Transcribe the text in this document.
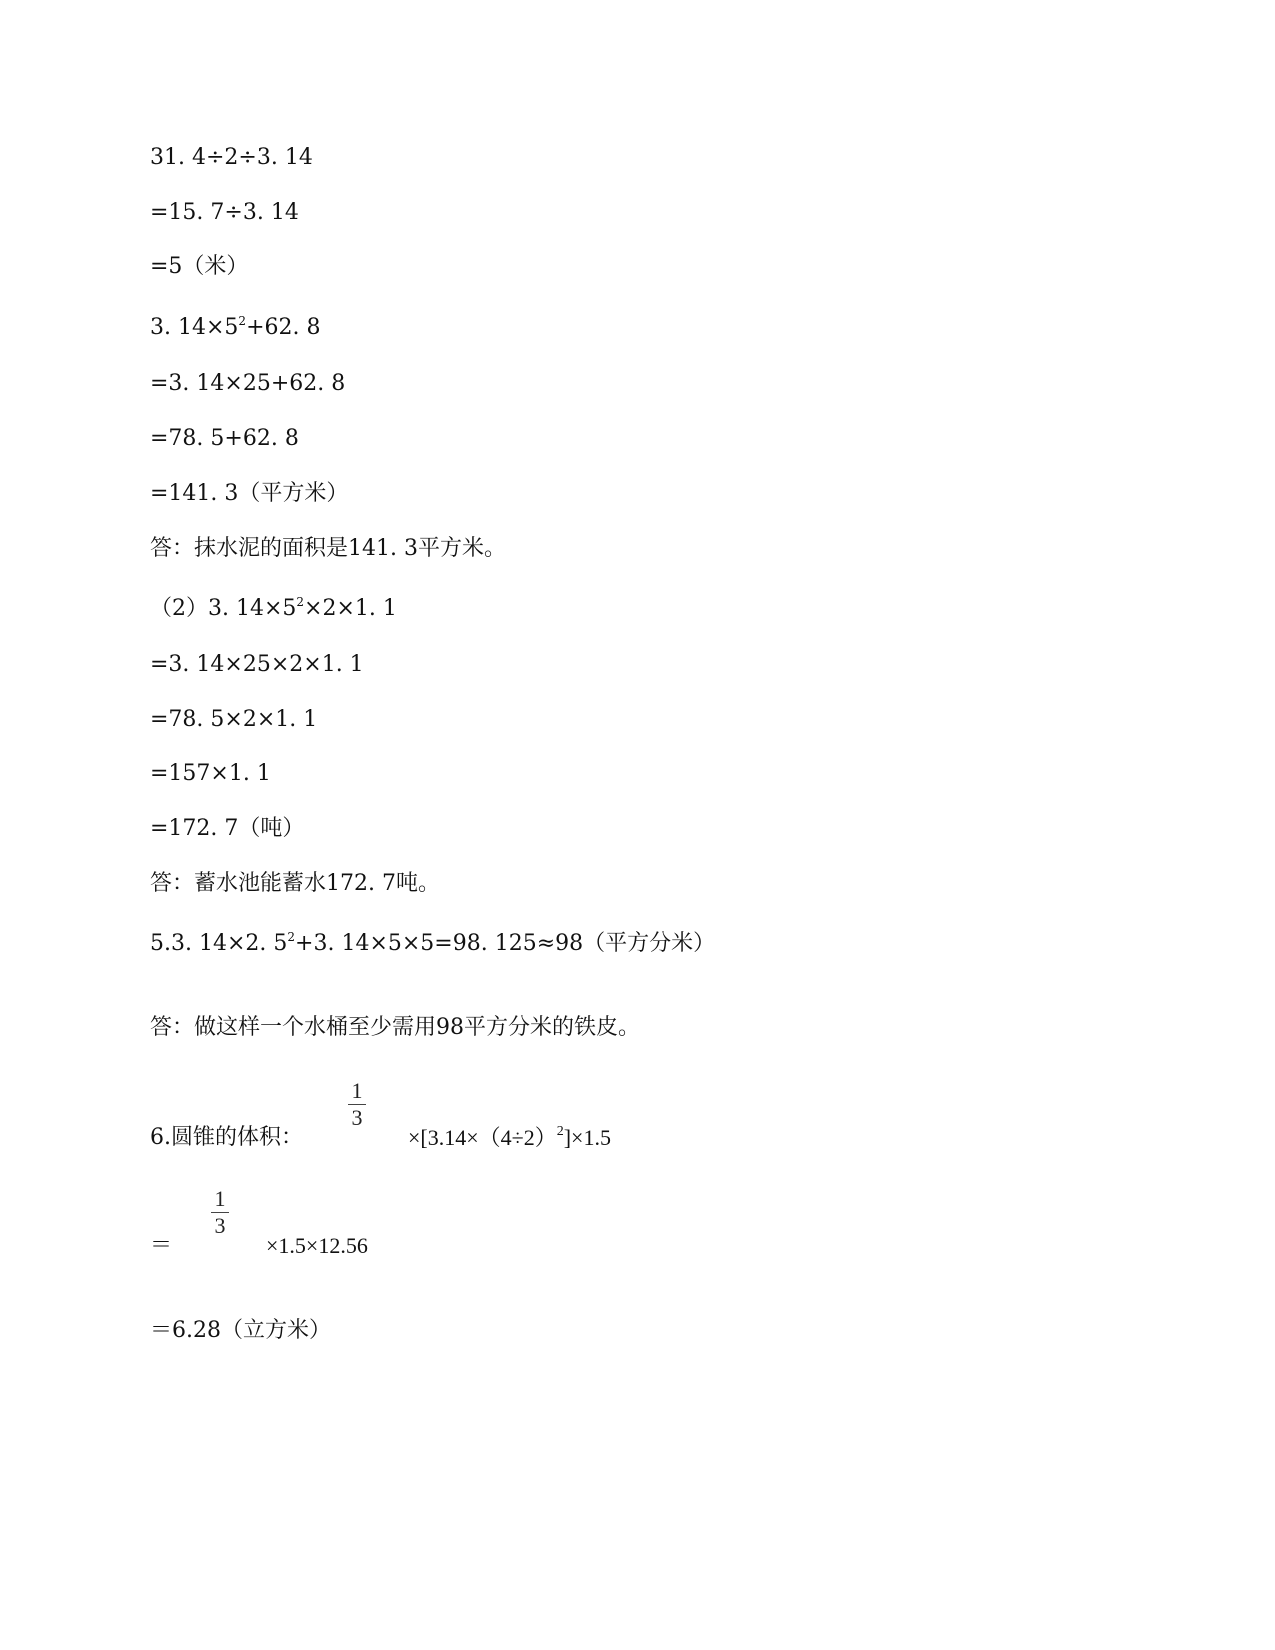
31. 4÷2÷3. 14
=15. 7÷3. 14
=5（米）
3. $14\times 5^2+62$. 8
=3. 14×25+62. 8
=78. 5+62. 8
=141. 3（平方米）
答：抹水泥的面积是141. 3平方米。
（2）3. $14\times 5^2\times 2\times 1$. 1
=3. 14×25×2×1. 1
=78. 5×2×1. 1
=157×1. 1
=172. 7（吨）
答：蓄水池能蓄水172. 7吨。
5.3. 14×2. $5^2+3$. 14×5×5=98. 125≈98（平方分米）
答：做这样一个水桶至少需用98平方分米的铁皮。
6.圆锥的体积：
1
3
$\times[3.14\times(4\div 2)^2]\times 1.5$
＝
1
3
×1.5×12.56
＝6.28（立方米）
